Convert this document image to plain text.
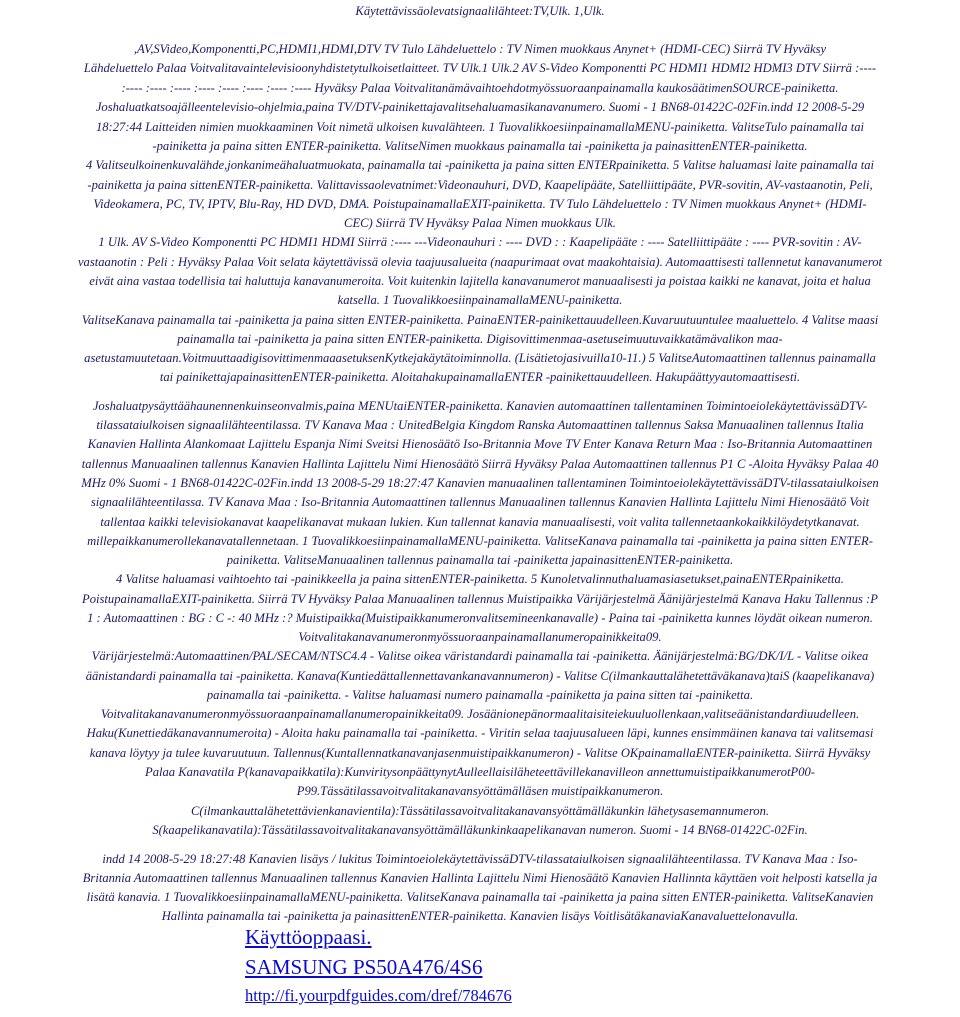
Käytettävissäolevatsignaalilähteet:TV,Ulk. 1,Ulk.
,AV,SVideo,Komponentti,PC,HDMI1,HDMI,DTV TV Tulo Lähdeluettelo : TV Nimen muokkaus Anynet+ (HDMI-CEC) Siirrä TV Hyväksy
Lähdeluettelo Palaa Voitvalitavaintelevisioonyhdistetytulkoisetlaitteet. TV Ulk.1 Ulk.2 AV S-Video Komponentti PC HDMI1 HDMI2 HDMI3 DTV Siirrä :----
:---- :---- :---- :---- :---- :---- :---- :---- Hyväksy Palaa Voitvalitanämävaihtoehdotmyössuoraanpainamalla kaukosäätimenSOURCE-painiketta.
Joshaluatkatsoajälleentelevisio-ohjelmia,paina TV/DTV-painikettajavalitsehaluamasikanavanumero. Suomi - 1 BN68-01422C-02Fin.indd 12 2008-5-29
18:27:44 Laitteiden nimien muokkaaminen Voit nimetä ulkoisen kuvalähteen. 1 TuovalikkoesiinpainamallaMENU-painiketta. ValitseTulo painamalla tai
-painiketta ja paina sitten ENTER-painiketta. ValitseNimen muokkaus painamalla tai -painiketta ja painasittenENTER-painiketta.
4 Valitseulkoinenkuvalähde,jonkanimeähaluatmuokata, painamalla tai -painiketta ja paina sitten ENTERpainiketta. 5 Valitse haluamasi laite painamalla tai
-painiketta ja paina sittenENTER-painiketta. Valittavissaolevatnimet:Videonauhuri, DVD, Kaapelipääte, Satelliittipääte, PVR-sovitin, AV-vastaanotin, Peli,
Videokamera, PC, TV, IPTV, Blu-Ray, HD DVD, DMA. PoistupainamallaEXIT-painiketta. TV Tulo Lähdeluettelo : TV Nimen muokkaus Anynet+ (HDMI-
CEC) Siirrä TV Hyväksy Palaa Nimen muokkaus Ulk.
1 Ulk. AV S-Video Komponentti PC HDMI1 HDMI Siirrä :---- ---Videonauhuri : ---- DVD : : Kaapelipääte : ---- Satelliittipääte : ---- PVR-sovitin : AV-
vastaanotin : Peli : Hyväksy Palaa Voit selata käytettävissä olevia taajuusalueita (naapurimaat ovat maakohtaisia). Automaattisesti tallennetut kanavanumerot
eivät aina vastaa todellisia tai haluttuja kanavanumeroita. Voit kuitenkin lajitella kanavanumerot manuaalisesti ja poistaa kaikki ne kanavat, joita et halua
katsella. 1 TuovalikkoesiinpainamallaMENU-painiketta.
ValitseKanava painamalla tai -painiketta ja paina sitten ENTER-painiketta. PainaENTER-painikettauudelleen.Kuvaruutuuntulee maaluettelo. 4 Valitse maasi
painamalla tai -painiketta ja paina sitten ENTER-painiketta. Digisovittimenmaa-asetuseimuutuvaikkatämävalikon maa-
asetustamuutetaan.VoitmuuttaadigisovittimenmaaasetuksenKytkejakäytätoiminnolla. (Lisätietojasivuilla10-11.) 5 ValitseAutomaattinen tallennus painamalla
tai painikettajapainasittenENTER-painiketta. AloitahakupainamallaENTER -painikettauudelleen. Hakupäättyyautomaattisesti.
Joshaluatpysäyttäähaunennenkuinseonvalmis,paina MENUtaiENTER-painiketta. Kanavien automaattinen tallentaminen ToimintoeiolekäytettävissäDTV-
tilassataiulkoisen signaalilähteentilassa. TV Kanava Maa : UnitedBelgia Kingdom Ranska Automaattinen tallennus Saksa Manuaalinen tallennus Italia
Kanavien Hallinta Alankomaat Lajittelu Espanja Nimi Sveitsi Hienosäätö Iso-Britannia Move TV Enter Kanava Return Maa : Iso-Britannia Automaattinen
tallennus Manuaalinen tallennus Kanavien Hallinta Lajittelu Nimi Hienosäätö Siirrä Hyväksy Palaa Automaattinen tallennus P1 C -Aloita Hyväksy Palaa 40
MHz 0% Suomi - 1 BN68-01422C-02Fin.indd 13 2008-5-29 18:27:47 Kanavien manuaalinen tallentaminen ToimintoeiolekäytettävissäDTV-tilassataiulkoisen
signaalilähteentilassa. TV Kanava Maa : Iso-Britannia Automaattinen tallennus Manuaalinen tallennus Kanavien Hallinta Lajittelu Nimi Hienosäätö Voit
tallentaa kaikki televisiokanavat kaapelikanavat mukaan lukien. Kun tallennat kanavia manuaalisesti, voit valita tallennetaankokaikkilöydetytkanavat.
millepaikkanumerollekanavatallennetaan. 1 TuovalikkoesiinpainamallaMENU-painiketta. ValitseKanava painamalla tai -painiketta ja paina sitten ENTER-
painiketta. ValitseManuaalinen tallennus painamalla tai -painiketta japainasittenENTER-painiketta.
4 Valitse haluamasi vaihtoehto tai -painikkeella ja paina sittenENTER-painiketta. 5 Kunoletvalinnuthaluamasiasetukset,painaENTERpainiketta.
PoistupainamallaEXIT-painiketta. Siirrä TV Hyväksy Palaa Manuaalinen tallennus Muistipaikka Värijärjestelmä Äänijärjestelmä Kanava Haku Tallennus :P
1 : Automaattinen : BG : C -: 40 MHz :? Muistipaikka(Muistipaikkanumeronvalitsemineenkanavalle) - Paina tai -painiketta kunnes löydät oikean numeron.
Voitvalitakanavanumeronmyössuoraanpainamallanumeropainikkeita09.
Värijärjestelmä:Automaattinen/PAL/SECAM/NTSC4.4 - Valitse oikea väristandardi painamalla tai -painiketta. Äänijärjestelmä:BG/DK/I/L - Valitse oikea
äänistandardi painamalla tai -painiketta. Kanava(Kuntiedättallennettavankanavannumeron) - Valitse C(ilmankauttalähetettäväkanava)taiS (kaapelikanava)
painamalla tai -painiketta. - Valitse haluamasi numero painamalla -painiketta ja paina sitten tai -painiketta.
Voitvalitakanavanumeronmyössuoraanpainamallanumeropainikkeita09. Josäänionepänormaalitaisiteiekuuluollenkaan,valitseäänistandardiuudelleen.
Haku(Kunettiedäkanavannumeroita) - Aloita haku painamalla tai -painiketta. - Viritin selaa taajuusalueen läpi, kunnes ensimmäinen kanava tai valitsemasi
kanava löytyy ja tulee kuvaruutuun. Tallennus(Kuntallennatkanavanjasenmuistipaikkanumeron) - Valitse OKpainamallaENTER-painiketta. Siirrä Hyväksy
Palaa Kanavatila P(kanavapaikkatila):KunviritysonpäättynytAulleellaisiläheteettävillekanavilleon annettumuistipaikkanumerotP00-
P99.Tässätilassavoitvalitakanavansyöttämälläsen muistipaikkanumeron.
C(ilmankauttalähetettävienkanavientila):Tässätilassavoitvalitakanavansyöttämälläkunkin lähetysasemannumeron.
S(kaapelikanavatila):Tässätilassavoitvalitakanavansyöttämälläkunkinkaapelikanavan numeron. Suomi - 14 BN68-01422C-02Fin.
indd 14 2008-5-29 18:27:48 Kanavien lisäys / lukitus ToimintoeiolekäytettävissäDTV-tilassataiulkoisen signaalilähteentilassa. TV Kanava Maa : Iso-
Britannia Automaattinen tallennus Manuaalinen tallennus Kanavien Hallinta Lajittelu Nimi Hienosäätö Kanavien Hallinnta käyttäen voit helposti katsella ja
lisätä kanavia. 1 TuovalikkoesiinpainamallaMENU-painiketta. ValitseKanava painamalla tai -painiketta ja paina sitten ENTER-painiketta. ValitseKanavien
Hallinta painamalla tai -painiketta ja painasittenENTER-painiketta. Kanavien lisäys VoitlisätäkanaviaKanavaluettelonavulla.
Käyttöoppaasi.
SAMSUNG PS50A476/4S6
http://fi.yourpdfguides.com/dref/784676
